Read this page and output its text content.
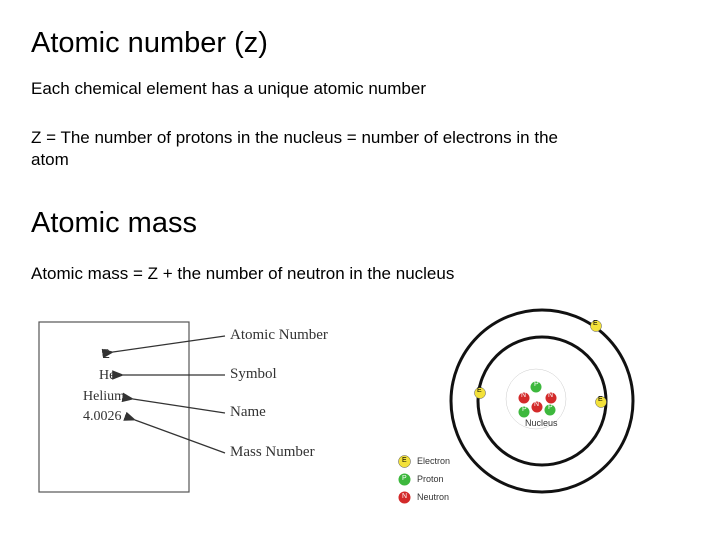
Atomic number (z)
Each chemical element has a unique atomic number
Z = The number of protons in the nucleus = number of electrons in the
atom
Atomic mass
Atomic mass = Z + the number of neutron in the nucleus
2
He
Helium
4.0026
Atomic Number
Symbol
Name
Mass Number
E
E
E
P
N	N
N
P	P
Nucleus
E Electron
P Proton
N Neutron
